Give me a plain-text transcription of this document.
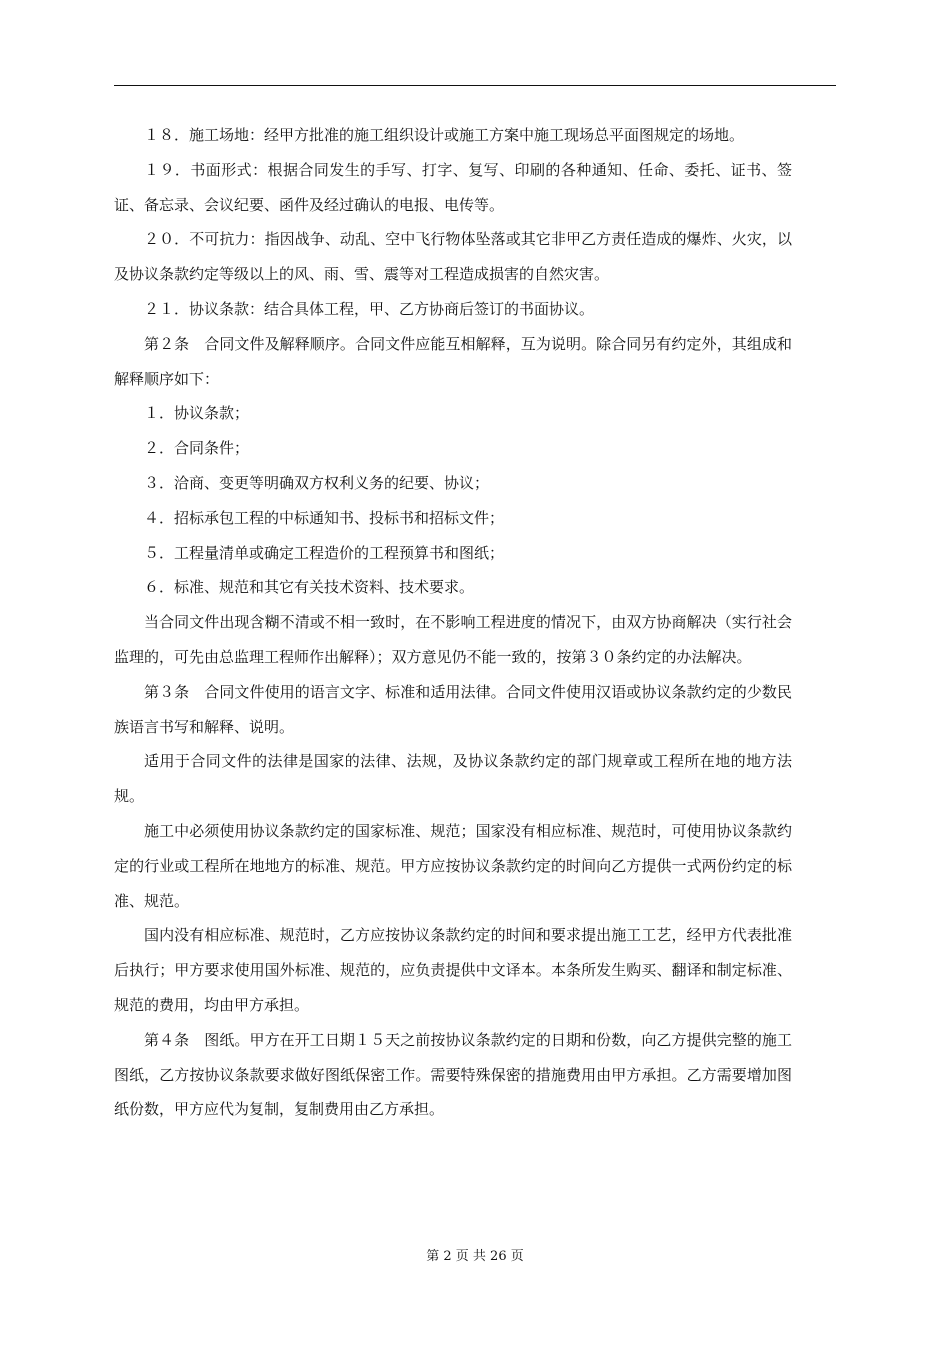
１８．施工场地：经甲方批准的施工组织设计或施工方案中施工现场总平面图规定的场地。

１９．书面形式：根据合同发生的手写、打字、复写、印刷的各种通知、任命、委托、证书、签证、备忘录、会议纪要、函件及经过确认的电报、电传等。

２０．不可抗力：指因战争、动乱、空中飞行物体坠落或其它非甲乙方责任造成的爆炸、火灾，以及协议条款约定等级以上的风、雨、雪、震等对工程造成损害的自然灾害。

２１．协议条款：结合具体工程，甲、乙方协商后签订的书面协议。

第２条　合同文件及解释顺序。合同文件应能互相解释，互为说明。除合同另有约定外，其组成和解释顺序如下：

１．协议条款；

２．合同条件；

３．洽商、变更等明确双方权利义务的纪要、协议；

４．招标承包工程的中标通知书、投标书和招标文件；

５．工程量清单或确定工程造价的工程预算书和图纸；

６．标准、规范和其它有关技术资料、技术要求。

当合同文件出现含糊不清或不相一致时，在不影响工程进度的情况下，由双方协商解决（实行社会监理的，可先由总监理工程师作出解释）；双方意见仍不能一致的，按第３０条约定的办法解决。

第３条　合同文件使用的语言文字、标准和适用法律。合同文件使用汉语或协议条款约定的少数民族语言书写和解释、说明。

适用于合同文件的法律是国家的法律、法规，及协议条款约定的部门规章或工程所在地的地方法规。

施工中必须使用协议条款约定的国家标准、规范；国家没有相应标准、规范时，可使用协议条款约定的行业或工程所在地地方的标准、规范。甲方应按协议条款约定的时间向乙方提供一式两份约定的标准、规范。

国内没有相应标准、规范时，乙方应按协议条款约定的时间和要求提出施工工艺，经甲方代表批准后执行；甲方要求使用国外标准、规范的，应负责提供中文译本。本条所发生购买、翻译和制定标准、规范的费用，均由甲方承担。

第４条　图纸。甲方在开工日期１５天之前按协议条款约定的日期和份数，向乙方提供完整的施工图纸，乙方按协议条款要求做好图纸保密工作。需要特殊保密的措施费用由甲方承担。乙方需要增加图纸份数，甲方应代为复制，复制费用由乙方承担。

第 2 页 共 26 页
